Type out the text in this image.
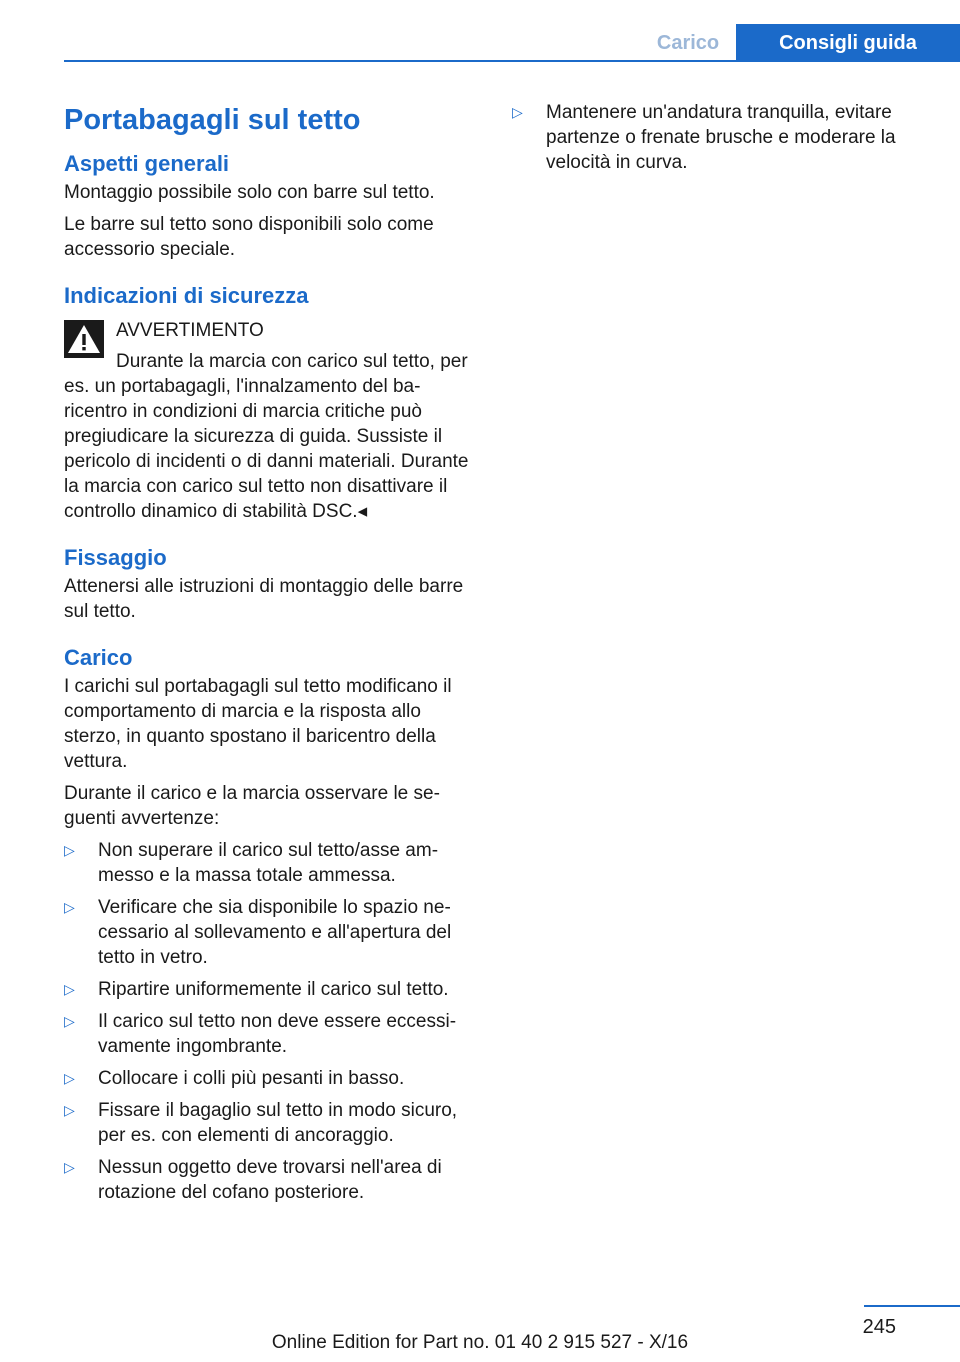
Carico	Consigli guida
Portabagagli sul tetto
Aspetti generali

Montaggio possibile solo con barre sul tetto.

Le barre sul tetto sono disponibili solo come accessorio speciale.

Indicazioni di sicurezza

AVVERTIMENTO

Durante la marcia con carico sul tetto, per es. un portabagagli, l'innalzamento del baricentro in condizioni di marcia critiche può pregiudicare la sicurezza di guida. Sussiste il pericolo di incidenti o di danni materiali. Durante la marcia con carico sul tetto non disattivare il controllo dinamico di stabilità DSC.◂

Fissaggio

Attenersi alle istruzioni di montaggio delle barre sul tetto.

Carico

I carichi sul portabagagli sul tetto modificano il comportamento di marcia e la risposta allo sterzo, in quanto spostano il baricentro della vettura.

Durante il carico e la marcia osservare le seguenti avvertenze:

▷	Non superare il carico sul tetto/asse ammesso e la massa totale ammessa.
▷	Verificare che sia disponibile lo spazio necessario al sollevamento e all'apertura del tetto in vetro.
▷	Ripartire uniformemente il carico sul tetto.
▷	Il carico sul tetto non deve essere eccessivamente ingombrante.
▷	Collocare i colli più pesanti in basso.
▷	Fissare il bagaglio sul tetto in modo sicuro, per es. con elementi di ancoraggio.
▷	Nessun oggetto deve trovarsi nell'area di rotazione del cofano posteriore.
▷	Mantenere un'andatura tranquilla, evitare partenze o frenate brusche e moderare la velocità in curva.
245
Online Edition for Part no. 01 40 2 915 527 - X/16
